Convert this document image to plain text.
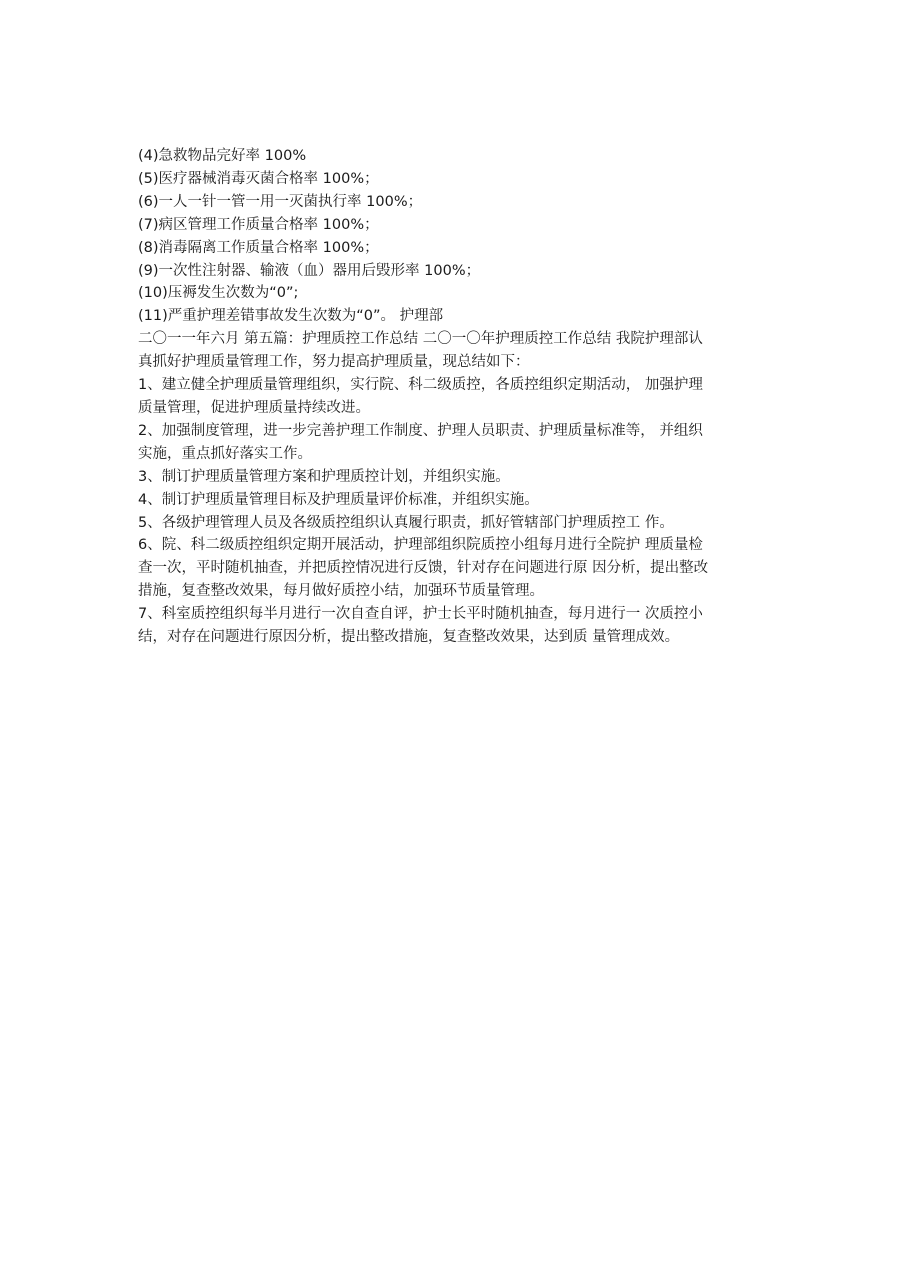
(4)急救物品完好率 100%

(5)医疗器械消毒灭菌合格率 100%；

(6)一人一针一管一用一灭菌执行率 100%；

(7)病区管理工作质量合格率 100%；

(8)消毒隔离工作质量合格率 100%；

(9)一次性注射器、输液（血）器用后毁形率 100%；

(10)压褥发生次数为“0”;

(11)严重护理差错事故发生次数为“0”。 护理部

二〇一一年六月 第五篇：护理质控工作总结 二〇一〇年护理质控工作总结 我院护理部认

真抓好护理质量管理工作，努力提高护理质量，现总结如下：

1、建立健全护理质量管理组织，实行院、科二级质控，各质控组织定期活动， 加强护理

质量管理，促进护理质量持续改进。

2、加强制度管理，进一步完善护理工作制度、护理人员职责、护理质量标准等， 并组织

实施，重点抓好落实工作。

3、制订护理质量管理方案和护理质控计划，并组织实施。

4、制订护理质量管理目标及护理质量评价标准，并组织实施。

5、各级护理管理人员及各级质控组织认真履行职责，抓好管辖部门护理质控工 作。

6、院、科二级质控组织定期开展活动，护理部组织院质控小组每月进行全院护 理质量检

查一次，平时随机抽查，并把质控情况进行反馈，针对存在问题进行原 因分析，提出整改

措施，复查整改效果，每月做好质控小结，加强环节质量管理。

7、科室质控组织每半月进行一次自查自评，护士长平时随机抽查，每月进行一 次质控小

结，对存在问题进行原因分析，提出整改措施，复查整改效果，达到质 量管理成效。
